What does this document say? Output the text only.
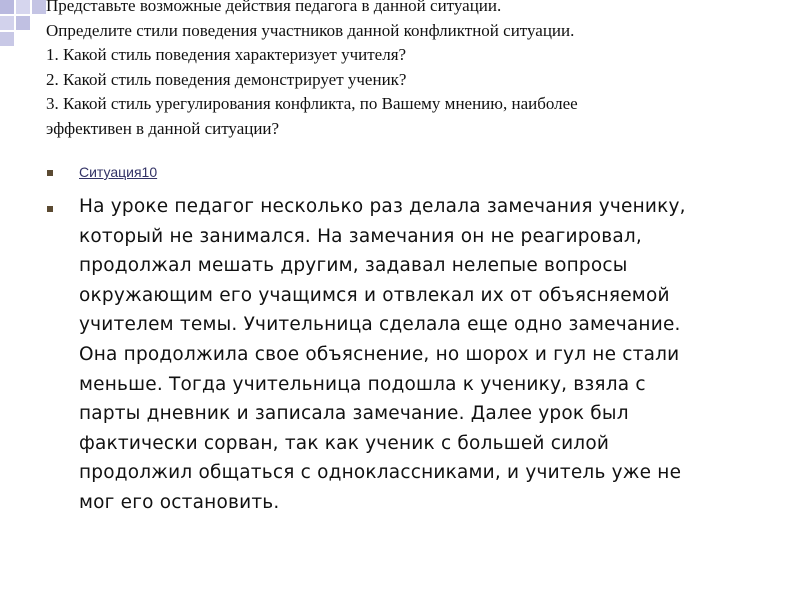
Представьте возможные действия педагога в данной ситуации.
Определите стили поведения участников данной конфликтной ситуации.
1. Какой стиль поведения характеризует учителя?
2. Какой стиль поведения демонстрирует ученик?
3. Какой стиль урегулирования конфликта, по Вашему мнению, наиболее
эффективен в данной ситуации?
Ситуация10
На уроке педагог несколько раз делала замечания ученику,
который не занимался. На замечания он не реагировал,
продолжал мешать другим, задавал нелепые вопросы
окружающим его учащимся и отвлекал их от объясняемой
учителем темы. Учительница сделала еще одно замечание.
Она продолжила свое объяснение, но шорох и гул не стали
меньше. Тогда учительница подошла к ученику, взяла с
парты дневник и записала замечание. Далее урок был
фактически сорван, так как ученик с большей силой
продолжил общаться с одноклассниками, и учитель уже не
мог его остановить.
